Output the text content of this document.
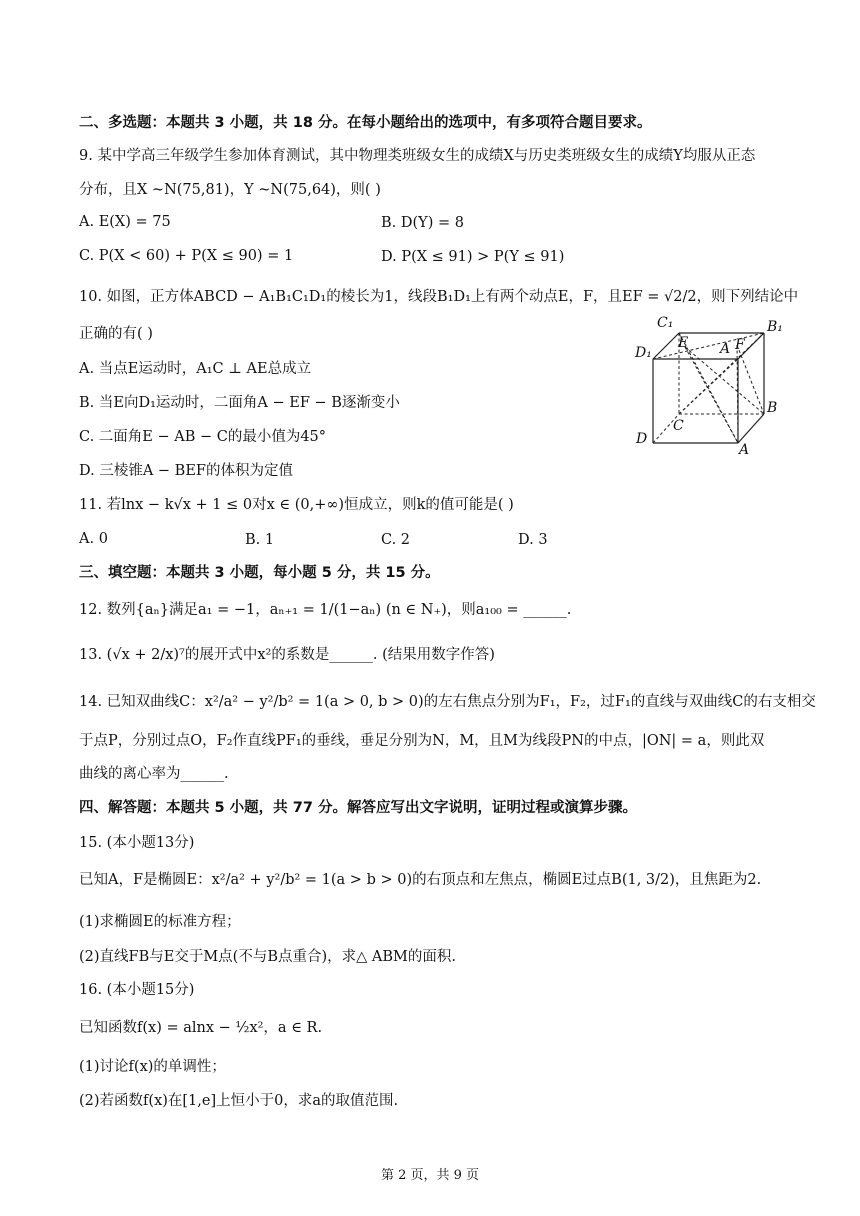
二、多选题：本题共 3 小题，共 18 分。在每小题给出的选项中，有多项符合题目要求。
9. 某中学高三年级学生参加体育测试，其中物理类班级女生的成绩X与历史类班级女生的成绩Y均服从正态
分布，且X ~N(75,81)，Y ~N(75,64)，则( )
A. E(X) = 75	B. D(Y) = 8
C. P(X < 60) + P(X ≤ 90) = 1	D. P(X ≤ 91) > P(Y ≤ 91)
10. 如图，正方体ABCD − A₁B₁C₁D₁的棱长为1，线段B₁D₁上有两个动点E，F，且EF = √2/2，则下列结论中
正确的有( )
A. 当点E运动时，A₁C ⊥ AE总成立
B. 当E向D₁运动时，二面角A − EF − B逐渐变小
C. 二面角E − AB − C的最小值为45°
D. 三棱锥A − BEF的体积为定值
C₁	B₁
D₁
E A F
B
C
D
A
11. 若lnx − k√x + 1 ≤ 0对x ∈ (0,+∞)恒成立，则k的值可能是( )
A. 0	B. 1	C. 2	D. 3
三、填空题：本题共 3 小题，每小题 5 分，共 15 分。
12. 数列{aₙ}满足a₁ = −1，aₙ₊₁ = 1/(1−aₙ) (n ∈ N₊)，则a₁₀₀ = ______.
13. (√x + 2/x)⁷的展开式中x²的系数是______. (结果用数字作答)
14. 已知双曲线C：x²/a² − y²/b² = 1(a > 0, b > 0)的左右焦点分别为F₁，F₂，过F₁的直线与双曲线C的右支相交
于点P，分别过点O，F₂作直线PF₁的垂线，垂足分别为N，M，且M为线段PN的中点，|ON| = a，则此双
曲线的离心率为______.
四、解答题：本题共 5 小题，共 77 分。解答应写出文字说明，证明过程或演算步骤。
15. (本小题13分)
已知A，F是椭圆E：x²/a² + y²/b² = 1(a > b > 0)的右顶点和左焦点，椭圆E过点B(1, 3/2)，且焦距为2.
(1)求椭圆E的标准方程；
(2)直线FB与E交于M点(不与B点重合)，求△ ABM的面积.
16. (本小题15分)
已知函数f(x) = alnx − ½x²，a ∈ R.
(1)讨论f(x)的单调性；
(2)若函数f(x)在[1,e]上恒小于0，求a的取值范围.
第 2 页，共 9 页
